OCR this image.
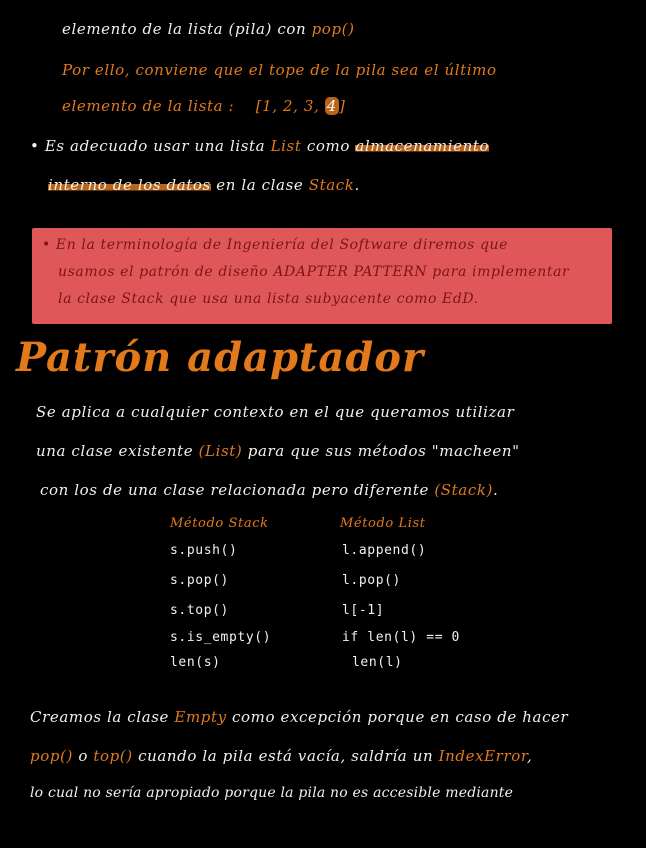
elemento de la lista (pila) con pop()
Por ello, conviene que el tope de la pila sea el último
elemento de la lista : [1, 2, 3, 4 ]
• Es adecuado usar una lista List como almacenamiento
interno de los datos en la clase Stack.
• En la terminología de Ingeniería del Software diremos que
usamos el patrón de diseño ADAPTER PATTERN para implementar
la clase Stack que usa una lista subyacente como EdD.
Patrón adaptador
Se aplica a cualquier contexto en el que queramos utilizar
una clase existente (List) para que sus métodos "macheen"
con los de una clase relacionada pero diferente (Stack).
Método Stack	Método List
s.push()	l.append()
s.pop()	l.pop()
s.top()	l[-1]
s.is_empty()	if len(l) == 0
len(s)	len(l)
Creamos la clase Empty como excepción porque en caso de hacer
pop() o top() cuando la pila está vacía, saldría un IndexError,
lo cual no sería apropiado porque la pila no es accesible mediante
